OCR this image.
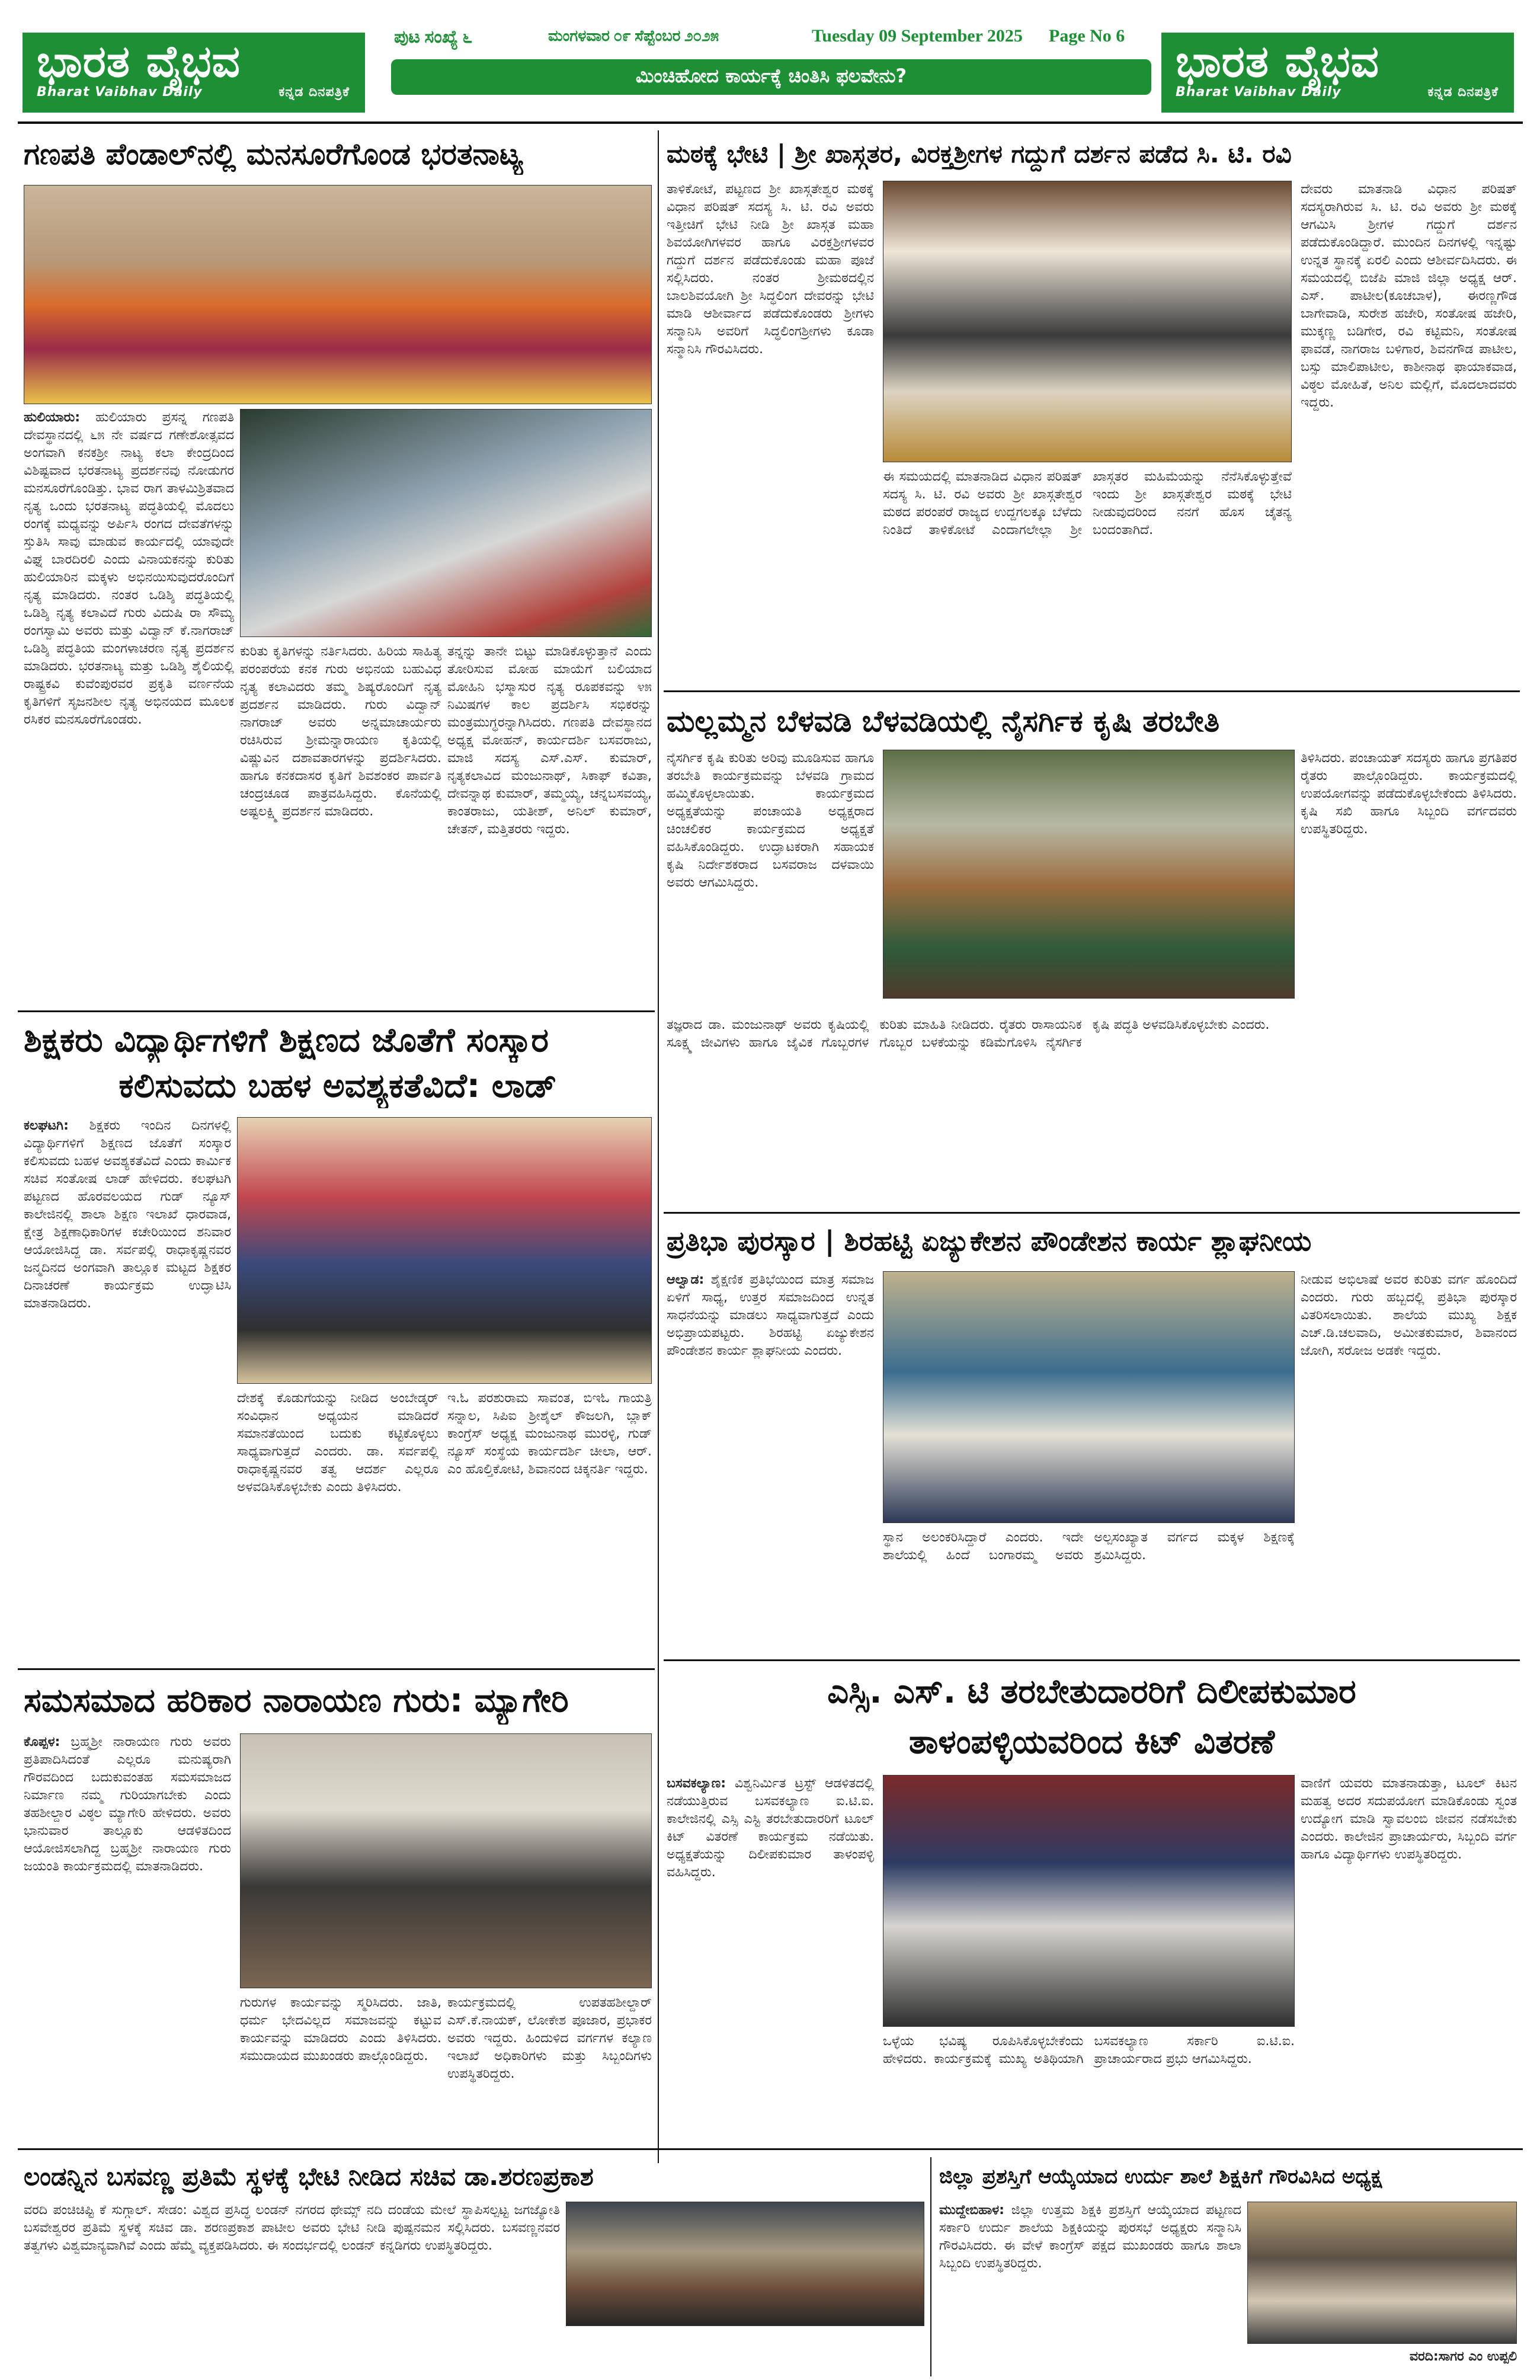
ಭಾರತ ವೈಭವ
Bharat Vaibhav Daily	ಕನ್ನಡ ದಿನಪತ್ರಿಕೆ
ಭಾರತ ವೈಭವ
Bharat Vaibhav Daily	ಕನ್ನಡ ದಿನಪತ್ರಿಕೆ
ಪುಟ ಸಂಖ್ಯೆ ೬	ಮಂಗಳವಾರ ೦೯ ಸೆಪ್ಟೆಂಬರ ೨೦೨೫	Tuesday 09 September 2025	Page No 6
ಮಿಂಚಿಹೋದ ಕಾರ್ಯಕ್ಕೆ ಚಿಂತಿಸಿ ಫಲವೇನು?
ಗಣಪತಿ ಪೆಂಡಾಲ್‌ನಲ್ಲಿ ಮನಸೂರೆಗೊಂಡ ಭರತನಾಟ್ಯ
ಹುಲಿಯಾರು: ಹುಲಿಯಾರು ಪ್ರಸನ್ನ ಗಣಪತಿ ದೇವಸ್ಥಾನದಲ್ಲಿ ೬೫ ನೇ ವರ್ಷದ ಗಣೇಶೋತ್ಸವದ ಅಂಗವಾಗಿ ಕನಕಶ್ರೀ ನಾಟ್ಯ ಕಲಾ ಕೇಂದ್ರದಿಂದ ವಿಶಿಷ್ಟವಾದ ಭರತನಾಟ್ಯ ಪ್ರದರ್ಶನವು ನೋಡುಗರ ಮನಸೂರೆಗೊಂಡಿತ್ತು. ಭಾವ ರಾಗ ತಾಳಮಿಶ್ರಿತವಾದ ನೃತ್ಯ ಒಂದು ಭರತನಾಟ್ಯ ಪದ್ಧತಿಯಲ್ಲಿ ಮೊದಲು ರಂಗಕ್ಕೆ ಮಧ್ಯವನ್ನು ಅರ್ಪಿಸಿ ರಂಗದ ದೇವತೆಗಳನ್ನು ಸ್ತುತಿಸಿ ಸಾವು ಮಾಡುವ ಕಾರ್ಯದಲ್ಲಿ ಯಾವುದೇ ವಿಘ್ನ ಬಾರದಿರಲಿ ಎಂದು ವಿನಾಯಕನನ್ನು ಕುರಿತು ಹುಲಿಯಾರಿನ ಮಕ್ಕಳು ಅಭಿನಯಿಸುವುದರೊಂದಿಗೆ ನೃತ್ಯ ಮಾಡಿದರು. ನಂತರ ಒಡಿಶ್ಶಿ ಪದ್ಧತಿಯಲ್ಲಿ ಒಡಿಶ್ಶಿ ನೃತ್ಯ ಕಲಾವಿದೆ ಗುರು ವಿದುಷಿ ರಾ ಸೌಮ್ಯ ರಂಗಸ್ವಾಮಿ ಅವರು ಮತ್ತು ವಿದ್ವಾನ್ ಕೆ.ನಾಗರಾಜ್ ಒಡಿಶ್ಶಿ ಪದ್ಧತಿಯ ಮಂಗಳಾಚರಣ ನೃತ್ಯ ಪ್ರದರ್ಶನ ಮಾಡಿದರು. ಭರತನಾಟ್ಯ ಮತ್ತು ಒಡಿಶ್ಶಿ ಶೈಲಿಯಲ್ಲಿ ರಾಷ್ಟ್ರಕವಿ ಕುವೆಂಪುರವರ ಪ್ರಕೃತಿ ವರ್ಣನೆಯ ಕೃತಿಗಳಿಗೆ ಸೃಜನಶೀಲ ನೃತ್ಯ ಅಭಿನಯದ ಮೂಲಕ ರಸಿಕರ ಮನಸೂರೆಗೊಂಡರು.
ಕುರಿತು ಕೃತಿಗಳನ್ನು ನರ್ತಿಸಿದರು. ಹಿರಿಯ ಸಾಹಿತ್ಯ ಪರಂಪರೆಯ ಕನಕ ಗುರು ಅಭಿನಯ ಬಹುವಿಧ ನೃತ್ಯ ಕಲಾವಿದರು ತಮ್ಮ ಶಿಷ್ಯರೊಂದಿಗೆ ನೃತ್ಯ ಪ್ರದರ್ಶನ ಮಾಡಿದರು. ಗುರು ವಿದ್ವಾನ್ ನಾಗರಾಜ್ ಅವರು ಅನ್ನಮಾಚಾರ್ಯರು ರಚಿಸಿರುವ ಶ್ರೀಮನ್ನಾರಾಯಣ ಕೃತಿಯಲ್ಲಿ ವಿಷ್ಣುವಿನ ದಶಾವತಾರಗಳನ್ನು ಪ್ರದರ್ಶಿಸಿದರು. ಹಾಗೂ ಕನಕದಾಸರ ಕೃತಿಗೆ ಶಿವಶಂಕರ ಪಾರ್ವತಿ ಚಂದ್ರಚೂಡ ಪಾತ್ರವಹಿಸಿದ್ದರು. ಕೊನೆಯಲ್ಲಿ ಅಷ್ಟಲಕ್ಷ್ಮಿ ಪ್ರದರ್ಶನ ಮಾಡಿದರು.
ತನ್ನನ್ನು ತಾನೇ ಬಿಟ್ಟು ಮಾಡಿಕೊಳ್ಳುತ್ತಾನೆ ಎಂದು ತೋರಿಸುವ ಮೋಹ ಮಾಯೆಗೆ ಬಲಿಯಾದ ಮೋಹಿನಿ ಭಸ್ಮಾಸುರ ನೃತ್ಯ ರೂಪಕವನ್ನು ೪೫ ನಿಮಿಷಗಳ ಕಾಲ ಪ್ರದರ್ಶಿಸಿ ಸಭಿಕರನ್ನು ಮಂತ್ರಮುಗ್ಧರನ್ನಾಗಿಸಿದರು. ಗಣಪತಿ ದೇವಸ್ಥಾನದ ಅಧ್ಯಕ್ಷ ಮೋಹನ್, ಕಾರ್ಯದರ್ಶಿ ಬಸವರಾಜು, ಮಾಜಿ ಸದಸ್ಯ ಎಸ್.ಎಸ್. ಕುಮಾರ್, ನೃತ್ಯಕಲಾವಿದ ಮಂಜುನಾಥ್, ಸಿಕಾಫ್ ಕವಿತಾ, ದೇವನ್ನಾಥ ಕುಮಾರ್, ತಮ್ಮಯ್ಯ, ಚನ್ನಬಸವಯ್ಯ, ಕಾಂತರಾಜು, ಯತೀಶ್, ಅನಿಲ್ ಕುಮಾರ್, ಚೇತನ್, ಮತ್ತಿತರರು ಇದ್ದರು.
ಮಠಕ್ಕೆ ಭೇಟಿ | ಶ್ರೀ ಖಾಸ್ಗತರ, ವಿರಕ್ತಶ್ರೀಗಳ ಗದ್ದುಗೆ ದರ್ಶನ ಪಡೆದ ಸಿ. ಟಿ. ರವಿ
ತಾಳಿಕೋಟೆ, ಪಟ್ಟಣದ ಶ್ರೀ ಖಾಸ್ಗತೇಶ್ವರ ಮಠಕ್ಕೆ ವಿಧಾನ ಪರಿಷತ್ ಸದಸ್ಯ ಸಿ. ಟಿ. ರವಿ ಅವರು ಇತ್ತೀಚಿಗೆ ಭೇಟಿ ನೀಡಿ ಶ್ರೀ ಖಾಸ್ಗತ ಮಹಾ ಶಿವಯೋಗಿಗಳವರ ಹಾಗೂ ವಿರಕ್ತಶ್ರೀಗಳವರ ಗದ್ದುಗೆ ದರ್ಶನ ಪಡೆದುಕೊಂಡು ಮಹಾ ಪೂಜೆ ಸಲ್ಲಿಸಿದರು. ನಂತರ ಶ್ರೀಮಠದಲ್ಲಿನ ಬಾಲಶಿವಯೋಗಿ ಶ್ರೀ ಸಿದ್ಧಲಿಂಗ ದೇವರನ್ನು ಭೇಟಿ ಮಾಡಿ ಆಶೀರ್ವಾದ ಪಡೆದುಕೊಂಡರು ಶ್ರೀಗಳು ಸನ್ಮಾನಿಸಿ ಅವರಿಗೆ ಸಿದ್ಧಲಿಂಗಶ್ರೀಗಳು ಕೂಡಾ ಸನ್ಮಾನಿಸಿ ಗೌರವಿಸಿದರು.
ಈ ಸಮಯದಲ್ಲಿ ಮಾತನಾಡಿದ ವಿಧಾನ ಪರಿಷತ್ ಸದಸ್ಯ ಸಿ. ಟಿ. ರವಿ ಅವರು ಶ್ರೀ ಖಾಸ್ಗತೇಶ್ವರ ಮಠದ ಪರಂಪರೆ ರಾಜ್ಯದ ಉದ್ದಗಲಕ್ಕೂ ಬೆಳೆದು ನಿಂತಿದೆ ತಾಳಿಕೋಟೆ ಎಂದಾಗಲೇಲ್ಲಾ ಶ್ರೀ ಖಾಸ್ಗತರ ಮಹಿಮೆಯನ್ನು ನೆನೆಸಿಕೊಳ್ಳುತ್ತೇವೆ ಇಂದು ಶ್ರೀ ಖಾಸ್ಗತೇಶ್ವರ ಮಠಕ್ಕೆ ಭೇಟಿ ನೀಡುವುದರಿಂದ ನನಗೆ ಹೊಸ ಚೈತನ್ಯ ಬಂದಂತಾಗಿದೆ.
ದೇವರು ಮಾತನಾಡಿ ವಿಧಾನ ಪರಿಷತ್ ಸದಸ್ಯರಾಗಿರುವ ಸಿ. ಟಿ. ರವಿ ಅವರು ಶ್ರೀ ಮಠಕ್ಕೆ ಆಗಮಿಸಿ ಶ್ರೀಗಳ ಗದ್ದುಗೆ ದರ್ಶನ ಪಡೆದುಕೊಂಡಿದ್ದಾರೆ. ಮುಂದಿನ ದಿನಗಳಲ್ಲಿ ಇನ್ನಷ್ಟು ಉನ್ನತ ಸ್ಥಾನಕ್ಕೆ ಏರಲಿ ಎಂದು ಆಶೀರ್ವದಿಸಿದರು. ಈ ಸಮಯದಲ್ಲಿ ಬಿಜೆಪಿ ಮಾಜಿ ಜಿಲ್ಲಾ ಅಧ್ಯಕ್ಷ ಆರ್. ಎಸ್. ಪಾಟೀಲ(ಕೂಚಬಾಳ), ಈರಣ್ಣಗೌಡ ಬಾಗೇವಾಡಿ, ಸುರೇಶ ಹಜೇರಿ, ಸಂತೋಷ ಹಜೇರಿ, ಮುಕ್ಕಣ್ಣ ಬಡಿಗೇರ, ರವಿ ಕಟ್ಟಿಮನಿ, ಸಂತೋಷ ಫಾವಡೆ, ನಾಗರಾಜ ಬಳಿಗಾರ, ಶಿವನಗೌಡ ಪಾಟೀಲ, ಬಸ್ಸು ಮಾಲಿಪಾಟೀಲ, ಕಾಶೀನಾಥ ಫಾಯಾಕವಾಡ, ವಿಠ್ಠಲ ಮೋಹಿತೆ, ಅನಿಲ ಮಲ್ಲಿಗೆ, ಮೊದಲಾದವರು ಇದ್ದರು.
ಮಲ್ಲಮ್ಮನ ಬೆಳವಡಿ ಬೆಳವಡಿಯಲ್ಲಿ ನೈಸರ್ಗಿಕ ಕೃಷಿ ತರಬೇತಿ
ನೈಸರ್ಗಿಕ ಕೃಷಿ ಕುರಿತು ಅರಿವು ಮೂಡಿಸುವ ಹಾಗೂ ತರಬೇತಿ ಕಾರ್ಯಕ್ರಮವನ್ನು ಬೆಳವಡಿ ಗ್ರಾಮದ ಹಮ್ಮಿಕೊಳ್ಳಲಾಯಿತು. ಕಾರ್ಯಕ್ರಮದ ಅಧ್ಯಕ್ಷತೆಯನ್ನು ಪಂಚಾಯತಿ ಅಧ್ಯಕ್ಷರಾದ ಚಿಂಚಲಿಕರ ಕಾರ್ಯಕ್ರಮದ ಅಧ್ಯಕ್ಷತೆ ವಹಿಸಿಕೊಂಡಿದ್ದರು. ಉದ್ಘಾಟಕರಾಗಿ ಸಹಾಯಕ ಕೃಷಿ ನಿರ್ದೇಶಕರಾದ ಬಸವರಾಜ ದಳವಾಯಿ ಅವರು ಆಗಮಿಸಿದ್ದರು.
ತಜ್ಞರಾದ ಡಾ. ಮಂಜುನಾಥ್ ಅವರು ಕೃಷಿಯಲ್ಲಿ ಸೂಕ್ಷ್ಮ ಜೀವಿಗಳು ಹಾಗೂ ಜೈವಿಕ ಗೊಬ್ಬರಗಳ ಕುರಿತು ಮಾಹಿತಿ ನೀಡಿದರು. ರೈತರು ರಾಸಾಯನಿಕ ಗೊಬ್ಬರ ಬಳಕೆಯನ್ನು ಕಡಿಮೆಗೊಳಿಸಿ ನೈಸರ್ಗಿಕ ಕೃಷಿ ಪದ್ಧತಿ ಅಳವಡಿಸಿಕೊಳ್ಳಬೇಕು ಎಂದರು.
ತಿಳಿಸಿದರು. ಪಂಚಾಯತ್ ಸದಸ್ಯರು ಹಾಗೂ ಪ್ರಗತಿಪರ ರೈತರು ಪಾಲ್ಗೊಂಡಿದ್ದರು. ಕಾರ್ಯಕ್ರಮದಲ್ಲಿ ಉಪಯೋಗವನ್ನು ಪಡೆದುಕೊಳ್ಳಬೇಕೆಂದು ತಿಳಿಸಿದರು. ಕೃಷಿ ಸಖಿ ಹಾಗೂ ಸಿಬ್ಬಂದಿ ವರ್ಗದವರು ಉಪಸ್ಥಿತರಿದ್ದರು.
ಶಿಕ್ಷಕರು ವಿದ್ಯಾರ್ಥಿಗಳಿಗೆ ಶಿಕ್ಷಣದ ಜೊತೆಗೆ ಸಂಸ್ಕಾರ
ಕಲಿಸುವದು ಬಹಳ ಅವಶ್ಯಕತೆವಿದೆ: ಲಾಡ್
ಕಲಘಟಗಿ: ಶಿಕ್ಷಕರು ಇಂದಿನ ದಿನಗಳಲ್ಲಿ ವಿದ್ಯಾರ್ಥಿಗಳಿಗೆ ಶಿಕ್ಷಣದ ಜೊತೆಗೆ ಸಂಸ್ಕಾರ ಕಲಿಸುವದು ಬಹಳ ಅವಶ್ಯಕತೆವಿದೆ ಎಂದು ಕಾರ್ಮಿಕ ಸಚಿವ ಸಂತೋಷ ಲಾಡ್ ಹೇಳಿದರು. ಕಲಘಟಗಿ ಪಟ್ಟಣದ ಹೊರವಲಯದ ಗುಡ್ ನ್ಯೂಸ್ ಕಾಲೇಜಿನಲ್ಲಿ ಶಾಲಾ ಶಿಕ್ಷಣ ಇಲಾಖೆ ಧಾರವಾಡ, ಕ್ಷೇತ್ರ ಶಿಕ್ಷಣಾಧಿಕಾರಿಗಳ ಕಚೇರಿಯಿಂದ ಶನಿವಾರ ಆಯೋಜಿಸಿದ್ದ ಡಾ. ಸರ್ವಪಲ್ಲಿ ರಾಧಾಕೃಷ್ಣನವರ ಜನ್ಮದಿನದ ಅಂಗವಾಗಿ ತಾಲ್ಲೂಕ ಮಟ್ಟದ ಶಿಕ್ಷಕರ ದಿನಾಚರಣೆ ಕಾರ್ಯಕ್ರಮ ಉದ್ಘಾಟಿಸಿ ಮಾತನಾಡಿದರು.
ದೇಶಕ್ಕೆ ಕೊಡುಗೆಯನ್ನು ನೀಡಿದ ಅಂಬೇಡ್ಕರ್ ಸಂವಿಧಾನ ಅಧ್ಯಯನ ಮಾಡಿದರೆ ಸಮಾನತೆಯಿಂದ ಬದುಕು ಕಟ್ಟಿಕೊಳ್ಳಲು ಸಾಧ್ಯವಾಗುತ್ತದೆ ಎಂದರು. ಡಾ. ಸರ್ವಪಲ್ಲಿ ರಾಧಾಕೃಷ್ಣನವರ ತತ್ವ ಆದರ್ಶ ಎಲ್ಲರೂ ಅಳವಡಿಸಿಕೊಳ್ಳಬೇಕು ಎಂದು ತಿಳಿಸಿದರು.
ಇ.ಓ ಪರಶುರಾಮ ಸಾವಂತ, ಬಿಇಓ ಗಾಯತ್ರಿ ಸನ್ನಾಲ, ಸಿಪಿಐ ಶ್ರೀಶೈಲ್ ಕೌಜಲಗಿ, ಬ್ಲಾಕ್ ಕಾಂಗ್ರೆಸ್ ಅಧ್ಯಕ್ಷ ಮಂಜುನಾಥ ಮುರಳ್ಳಿ, ಗುಡ್ ನ್ಯೂಸ್ ಸಂಸ್ಥೆಯ ಕಾರ್ಯದರ್ಶಿ ಚೀಲಾ, ಆರ್. ಎಂ ಹೊಲ್ತಿಕೋಟಿ, ಶಿವಾನಂದ ಚಿಕ್ಕನರ್ತಿ ಇದ್ದರು.
ಪ್ರತಿಭಾ ಪುರಸ್ಕಾರ | ಶಿರಹಟ್ಟಿ ಏಜ್ಯುಕೇಶನ ಪೌಂಡೇಶನ ಕಾರ್ಯ ಶ್ಲಾಘನೀಯ
ಆಲ್ವಾಡ: ಶೈಕ್ಷಣಿಕ ಪ್ರತಿಭೆಯಿಂದ ಮಾತ್ರ ಸಮಾಜ ಏಳಿಗೆ ಸಾಧ್ಯ, ಉತ್ತರ ಸಮಾಜದಿಂದ ಉನ್ನತ ಸಾಧನೆಯನ್ನು ಮಾಡಲು ಸಾಧ್ಯವಾಗುತ್ತದೆ ಎಂದು ಅಭಿಪ್ರಾಯಪಟ್ಟರು. ಶಿರಹಟ್ಟಿ ಏಜ್ಯುಕೇಶನ ಪೌಂಡೇಶನ ಕಾರ್ಯ ಶ್ಲಾಘನೀಯ ಎಂದರು.
ಸ್ಥಾನ ಅಲಂಕರಿಸಿದ್ದಾರೆ ಎಂದರು. ಇದೇ ಶಾಲೆಯಲ್ಲಿ ಹಿಂದೆ ಬಂಗಾರಮ್ಮ ಅವರು ಅಲ್ಪಸಂಖ್ಯಾತ ವರ್ಗದ ಮಕ್ಕಳ ಶಿಕ್ಷಣಕ್ಕೆ ಶ್ರಮಿಸಿದ್ದರು.
ನೀಡುವ ಅಭಿಲಾಷೆ ಅವರ ಕುರಿತು ವರ್ಗ ಹೊಂದಿದೆ ಎಂದರು. ಗುರು ಹಬ್ಬದಲ್ಲಿ ಪ್ರತಿಭಾ ಪುರಸ್ಕಾರ ವಿತರಿಸಲಾಯಿತು. ಶಾಲೆಯ ಮುಖ್ಯ ಶಿಕ್ಷಕ ಎಚ್.ಡಿ.ಚಲವಾದಿ, ಅಮೀತಕುಮಾರ, ಶಿವಾನಂದ ಜೋಗಿ, ಸರೋಜ ಅಡಕೇ ಇದ್ದರು.
ಸಮಸಮಾದ ಹರಿಕಾರ ನಾರಾಯಣ ಗುರು: ಮ್ಯಾಗೇರಿ
ಕೊಪ್ಪಳ: ಬ್ರಹ್ಮಶ್ರೀ ನಾರಾಯಣ ಗುರು ಅವರು ಪ್ರತಿಪಾದಿಸಿದಂತೆ ಎಲ್ಲರೂ ಮನುಷ್ಯರಾಗಿ ಗೌರವದಿಂದ ಬದುಕುವಂತಹ ಸಮಸಮಾಜದ ನಿರ್ಮಾಣ ನಮ್ಮ ಗುರಿಯಾಗಬೇಕು ಎಂದು ತಹಶೀಲ್ದಾರ ವಿಠ್ಠಲ ಮ್ಯಾಗೇರಿ ಹೇಳಿದರು. ಅವರು ಭಾನುವಾರ ತಾಲ್ಲೂಕು ಆಡಳಿತದಿಂದ ಆಯೋಜಿಸಲಾಗಿದ್ದ ಬ್ರಹ್ಮಶ್ರೀ ನಾರಾಯಣ ಗುರು ಜಯಂತಿ ಕಾರ್ಯಕ್ರಮದಲ್ಲಿ ಮಾತನಾಡಿದರು.
ಗುರುಗಳ ಕಾರ್ಯವನ್ನು ಸ್ಮರಿಸಿದರು. ಜಾತಿ, ಧರ್ಮ ಭೇದವಿಲ್ಲದ ಸಮಾಜವನ್ನು ಕಟ್ಟುವ ಕಾರ್ಯವನ್ನು ಮಾಡಿದರು ಎಂದು ತಿಳಿಸಿದರು. ಸಮುದಾಯದ ಮುಖಂಡರು ಪಾಲ್ಗೊಂಡಿದ್ದರು.
ಕಾರ್ಯಕ್ರಮದಲ್ಲಿ ಉಪತಹಶೀಲ್ದಾರ್ ಎಸ್.ಕೆ.ನಾಯಕ್, ಲೋಕೇಶ ಪೂಜಾರ, ಪ್ರಭಾಕರ ಅವರು ಇದ್ದರು. ಹಿಂದುಳಿದ ವರ್ಗಗಳ ಕಲ್ಯಾಣ ಇಲಾಖೆ ಅಧಿಕಾರಿಗಳು ಮತ್ತು ಸಿಬ್ಬಂದಿಗಳು ಉಪಸ್ಥಿತರಿದ್ದರು.
ಎಸ್ಸಿ. ಎಸ್. ಟಿ ತರಬೇತುದಾರರಿಗೆ ದಿಲೀಪಕುಮಾರ
ತಾಳಂಪಳ್ಳಿಯವರಿಂದ ಕಿಟ್ ವಿತರಣೆ
ಬಸವಕಲ್ಯಾಣ: ವಿಶ್ವನಿರ್ಮಿತ ಟ್ರಸ್ಟ್ ಆಡಳಿತದಲ್ಲಿ ನಡೆಯುತ್ತಿರುವ ಬಸವಕಲ್ಯಾಣ ಐ.ಟಿ.ಐ. ಕಾಲೇಜಿನಲ್ಲಿ ಎಸ್ಸಿ ಎಸ್ಟಿ ತರಬೇತುದಾರರಿಗೆ ಟೂಲ್ ಕಿಟ್ ವಿತರಣೆ ಕಾರ್ಯಕ್ರಮ ನಡೆಯಿತು. ಅಧ್ಯಕ್ಷತೆಯನ್ನು ದಿಲೀಪಕುಮಾರ ತಾಳಂಪಳ್ಳಿ ವಹಿಸಿದ್ದರು.
ಒಳ್ಳೆಯ ಭವಿಷ್ಯ ರೂಪಿಸಿಕೊಳ್ಳಬೇಕೆಂದು ಹೇಳಿದರು. ಕಾರ್ಯಕ್ರಮಕ್ಕೆ ಮುಖ್ಯ ಅತಿಥಿಯಾಗಿ ಬಸವಕಲ್ಯಾಣ ಸರ್ಕಾರಿ ಐ.ಟಿ.ಐ. ಪ್ರಾಚಾರ್ಯರಾದ ಪ್ರಭು ಆಗಮಿಸಿದ್ದರು.
ವಾಣಿಗೆ ಯವರು ಮಾತನಾಡುತ್ತಾ, ಟೂಲ್ ಕಿಟನ ಮಹತ್ವ ಅದರ ಸದುಪಯೋಗ ಮಾಡಿಕೊಂಡು ಸ್ವಂತ ಉದ್ಯೋಗ ಮಾಡಿ ಸ್ವಾವಲಂಬಿ ಜೀವನ ನಡೆಸಬೇಕು ಎಂದರು. ಕಾಲೇಜಿನ ಪ್ರಾಚಾರ್ಯರು, ಸಿಬ್ಬಂದಿ ವರ್ಗ ಹಾಗೂ ವಿದ್ಯಾರ್ಥಿಗಳು ಉಪಸ್ಥಿತರಿದ್ದರು.
ಲಂಡನ್ನಿನ ಬಸವಣ್ಣ ಪ್ರತಿಮೆ ಸ್ಥಳಕ್ಕೆ ಭೇಟಿ ನೀಡಿದ ಸಚಿವ ಡಾ.ಶರಣಪ್ರಕಾಶ
ವರದಿ ಪಂಚಿಚಿಪ್ಟಿ ಕೆ ಸುಗ್ಗಾಲ್. ಸೇಡಂ: ವಿಶ್ವದ ಪ್ರಸಿದ್ಧ ಲಂಡನ್ ನಗರದ ಥೇಮ್ಸ್ ನದಿ ದಂಡೆಯ ಮೇಲೆ ಸ್ಥಾಪಿಸಲ್ಪಟ್ಟ ಜಗಜ್ಯೋತಿ ಬಸವೇಶ್ವರರ ಪ್ರತಿಮೆ ಸ್ಥಳಕ್ಕೆ ಸಚಿವ ಡಾ. ಶರಣಪ್ರಕಾಶ ಪಾಟೀಲ ಅವರು ಭೇಟಿ ನೀಡಿ ಪುಷ್ಪನಮನ ಸಲ್ಲಿಸಿದರು. ಬಸವಣ್ಣನವರ ತತ್ವಗಳು ವಿಶ್ವಮಾನ್ಯವಾಗಿವೆ ಎಂದು ಹೆಮ್ಮೆ ವ್ಯಕ್ತಪಡಿಸಿದರು. ಈ ಸಂದರ್ಭದಲ್ಲಿ ಲಂಡನ್ ಕನ್ನಡಿಗರು ಉಪಸ್ಥಿತರಿದ್ದರು.
ಜಿಲ್ಲಾ ಪ್ರಶಸ್ತಿಗೆ ಆಯ್ಕೆಯಾದ ಉರ್ದು ಶಾಲೆ ಶಿಕ್ಷಕಿಗೆ ಗೌರವಿಸಿದ ಅಧ್ಯಕ್ಷ
ಮುದ್ದೇಬಿಹಾಳ: ಜಿಲ್ಲಾ ಉತ್ತಮ ಶಿಕ್ಷಕಿ ಪ್ರಶಸ್ತಿಗೆ ಆಯ್ಕೆಯಾದ ಪಟ್ಟಣದ ಸರ್ಕಾರಿ ಉರ್ದು ಶಾಲೆಯ ಶಿಕ್ಷಕಿಯನ್ನು ಪುರಸಭೆ ಅಧ್ಯಕ್ಷರು ಸನ್ಮಾನಿಸಿ ಗೌರವಿಸಿದರು. ಈ ವೇಳೆ ಕಾಂಗ್ರೆಸ್ ಪಕ್ಷದ ಮುಖಂಡರು ಹಾಗೂ ಶಾಲಾ ಸಿಬ್ಬಂದಿ ಉಪಸ್ಥಿತರಿದ್ದರು.
ವರದಿ:ಸಾಗರ ಎಂ ಉಪ್ಪಲಿ
